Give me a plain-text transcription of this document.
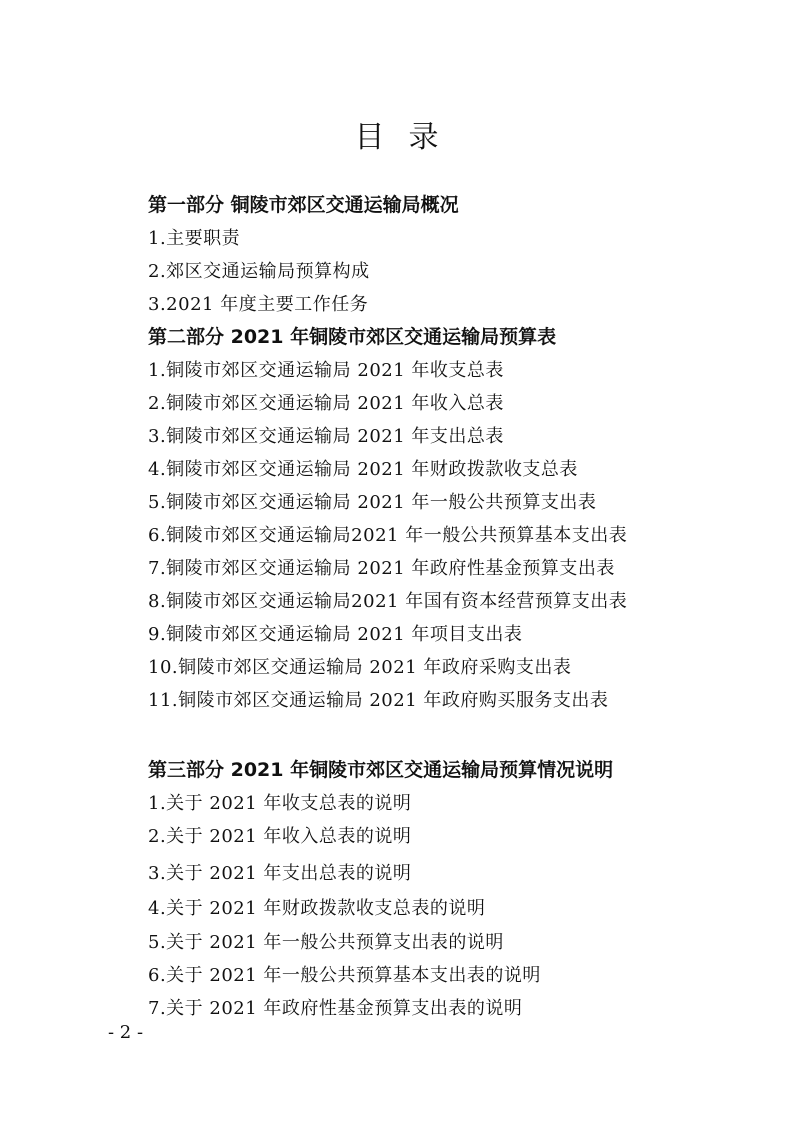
目录
第一部分 铜陵市郊区交通运输局概况
1.主要职责
2.郊区交通运输局预算构成
3.2021 年度主要工作任务
第二部分 2021 年铜陵市郊区交通运输局预算表
1.铜陵市郊区交通运输局 2021 年收支总表
2.铜陵市郊区交通运输局 2021 年收入总表
3.铜陵市郊区交通运输局 2021 年支出总表
4.铜陵市郊区交通运输局 2021 年财政拨款收支总表
5.铜陵市郊区交通运输局 2021 年一般公共预算支出表
6.铜陵市郊区交通运输局2021 年一般公共预算基本支出表
7.铜陵市郊区交通运输局 2021 年政府性基金预算支出表
8.铜陵市郊区交通运输局2021 年国有资本经营预算支出表
9.铜陵市郊区交通运输局 2021 年项目支出表
10.铜陵市郊区交通运输局 2021 年政府采购支出表
11.铜陵市郊区交通运输局 2021 年政府购买服务支出表
第三部分 2021 年铜陵市郊区交通运输局预算情况说明
1.关于 2021 年收支总表的说明
2.关于 2021 年收入总表的说明
3.关于 2021 年支出总表的说明
4.关于 2021 年财政拨款收支总表的说明
5.关于 2021 年一般公共预算支出表的说明
6.关于 2021 年一般公共预算基本支出表的说明
7.关于 2021 年政府性基金预算支出表的说明
- 2 -
